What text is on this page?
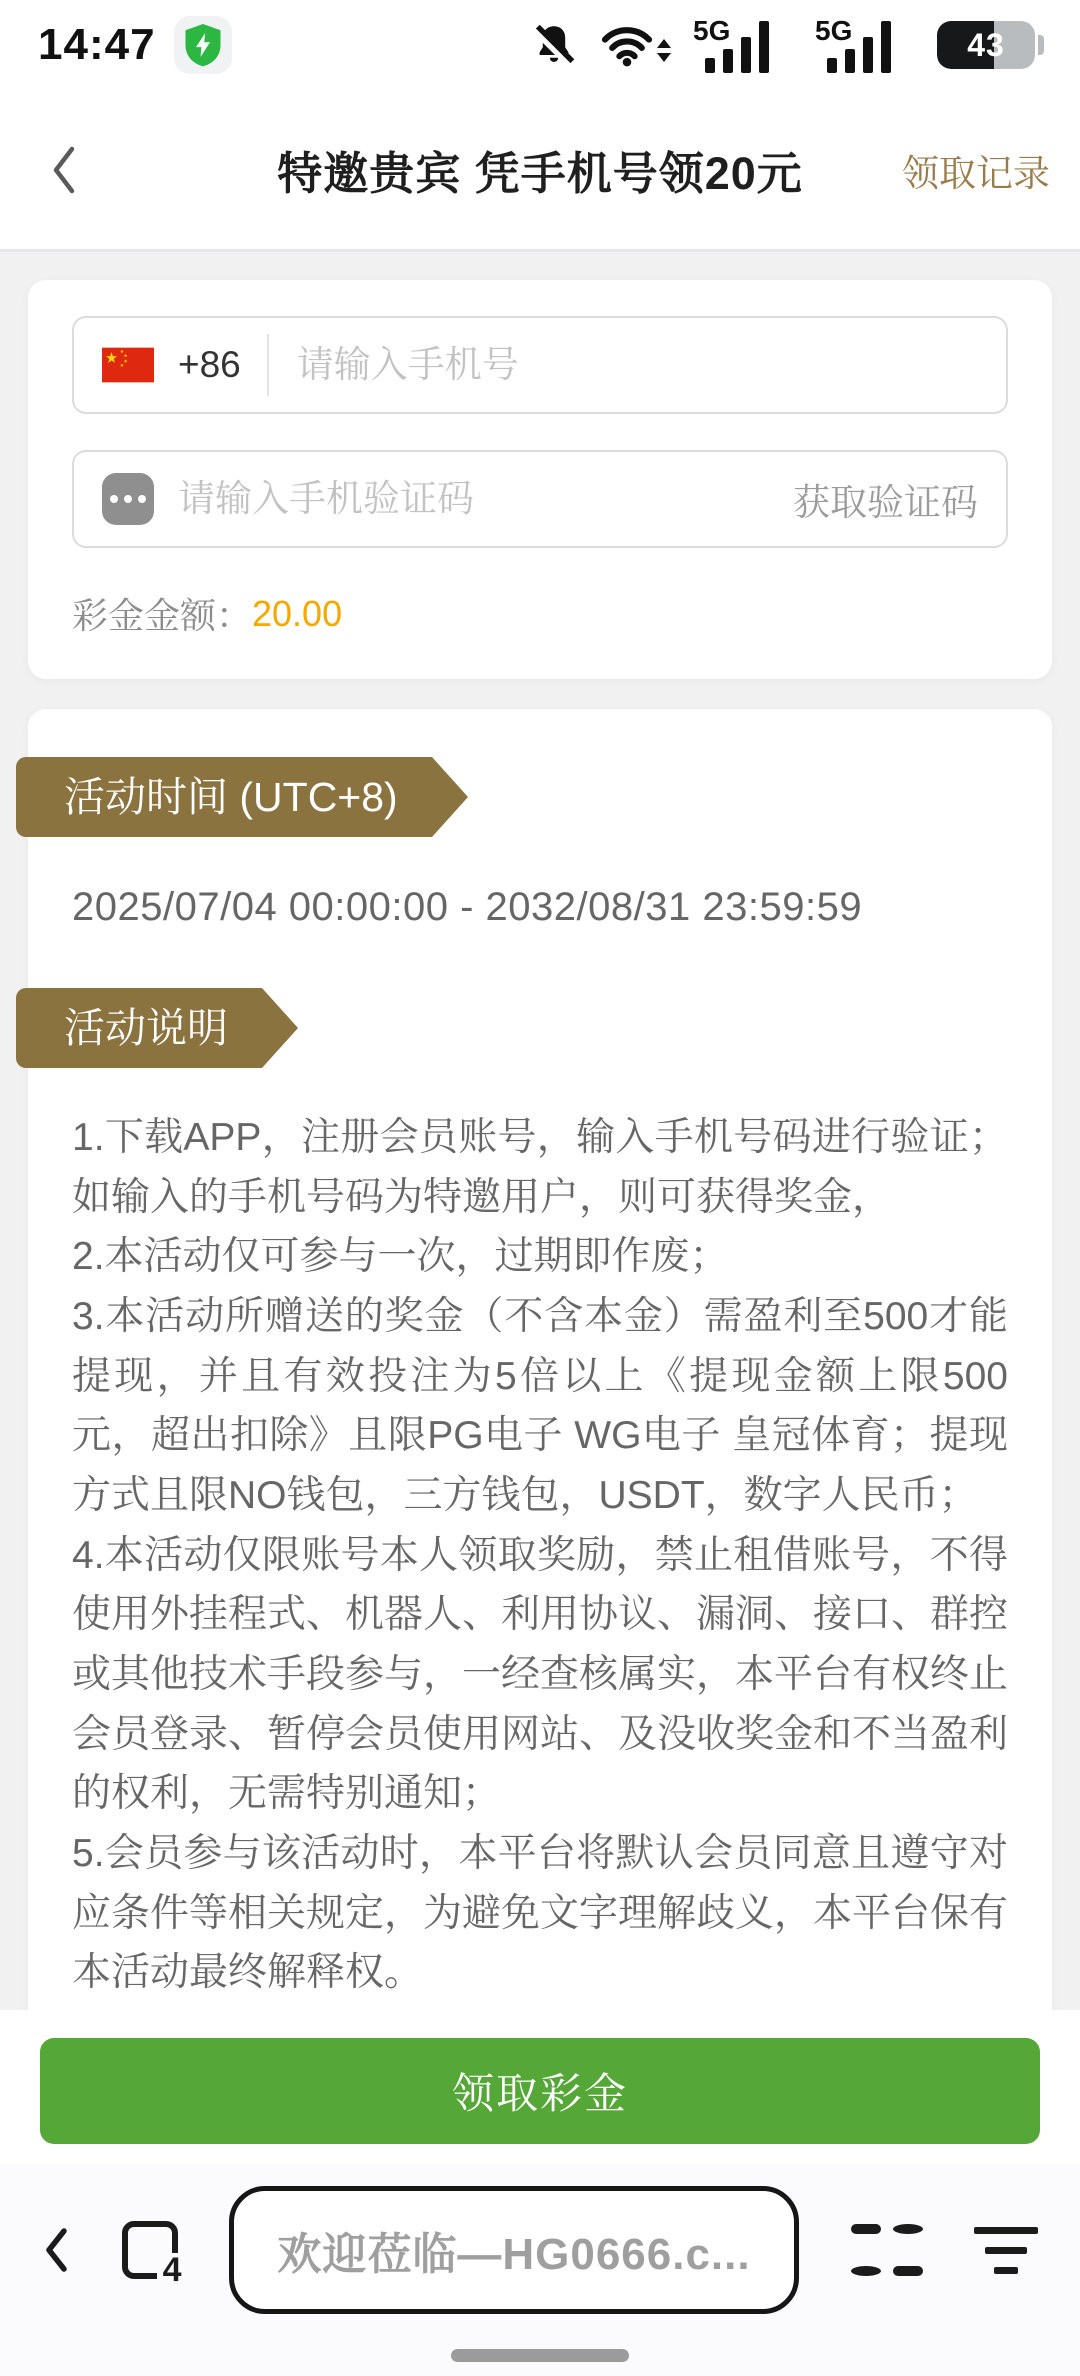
14:47	5G	5G	43
特邀贵宾 凭手机号领20元	领取记录
+86
请输入手机号
请输入手机验证码
获取验证码
彩金金额： 20.00
活动时间 (UTC+8)
2025/07/04 00:00:00 - 2032/08/31 23:59:59
活动说明

1.下载APP，注册会员账号，输入手机号码进行验证；如输入的手机号码为特邀用户，则可获得奖金，

2.本活动仅可参与一次，过期即作废；

3.本活动所赠送的奖金（不含本金）需盈利至500才能提现，并且有效投注为5倍以上《提现金额上限500元，超出扣除》且限PG电子 WG电子 皇冠体育；提现方式且限NO钱包，三方钱包，USDT，数字人民币；

4.本活动仅限账号本人领取奖励，禁止租借账号，不得使用外挂程式、机器人、利用协议、漏洞、接口、群控或其他技术手段参与，一经查核属实，本平台有权终止会员登录、暂停会员使用网站、及没收奖金和不当盈利的权利，无需特别通知；

5.会员参与该活动时，本平台将默认会员同意且遵守对应条件等相关规定，为避免文字理解歧义，本平台保有本活动最终解释权。

领取彩金
4 欢迎莅临—HG0666.c...
